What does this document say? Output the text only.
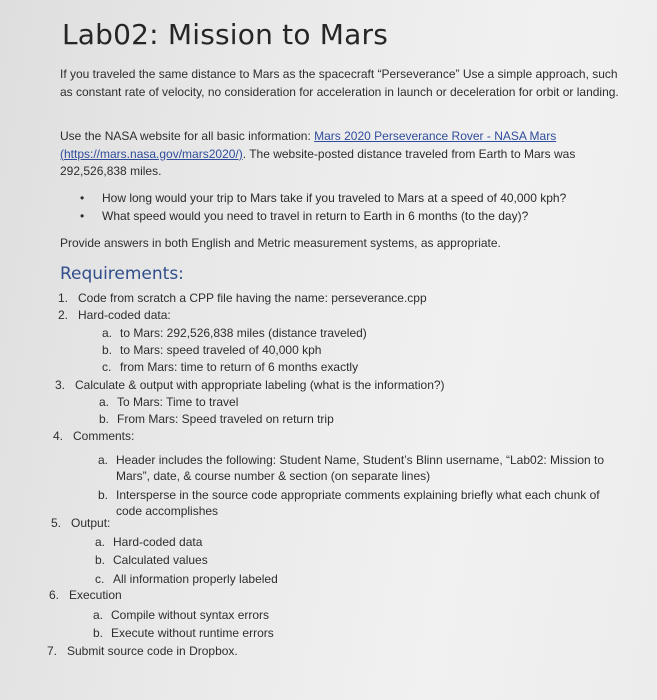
Lab02: Mission to Mars
If you traveled the same distance to Mars as the spacecraft “Perseverance” Use a simple approach, such as constant rate of velocity, no consideration for acceleration in launch or deceleration for orbit or landing.
Use the NASA website for all basic information: Mars 2020 Perseverance Rover - NASA Mars
(https://mars.nasa.gov/mars2020/). The website-posted distance traveled from Earth to Mars was 292,526,838 miles.
• How long would your trip to Mars take if you traveled to Mars at a speed of 40,000 kph?
• What speed would you need to travel in return to Earth in 6 months (to the day)?
Provide answers in both English and Metric measurement systems, as appropriate.
Requirements:
1. Code from scratch a CPP file having the name: perseverance.cpp
2. Hard-coded data:
a. to Mars: 292,526,838 miles (distance traveled)
b. to Mars: speed traveled of 40,000 kph
c. from Mars: time to return of 6 months exactly
3. Calculate & output with appropriate labeling (what is the information?)
a. To Mars: Time to travel
b. From Mars: Speed traveled on return trip
4. Comments:
a. Header includes the following: Student Name, Student’s Blinn username, “Lab02: Mission to
Mars”, date, & course number & section (on separate lines)
b. Intersperse in the source code appropriate comments explaining briefly what each chunk of
code accomplishes
5. Output:
a. Hard-coded data
b. Calculated values
c. All information properly labeled
6. Execution
a. Compile without syntax errors
b. Execute without runtime errors
7. Submit source code in Dropbox.
